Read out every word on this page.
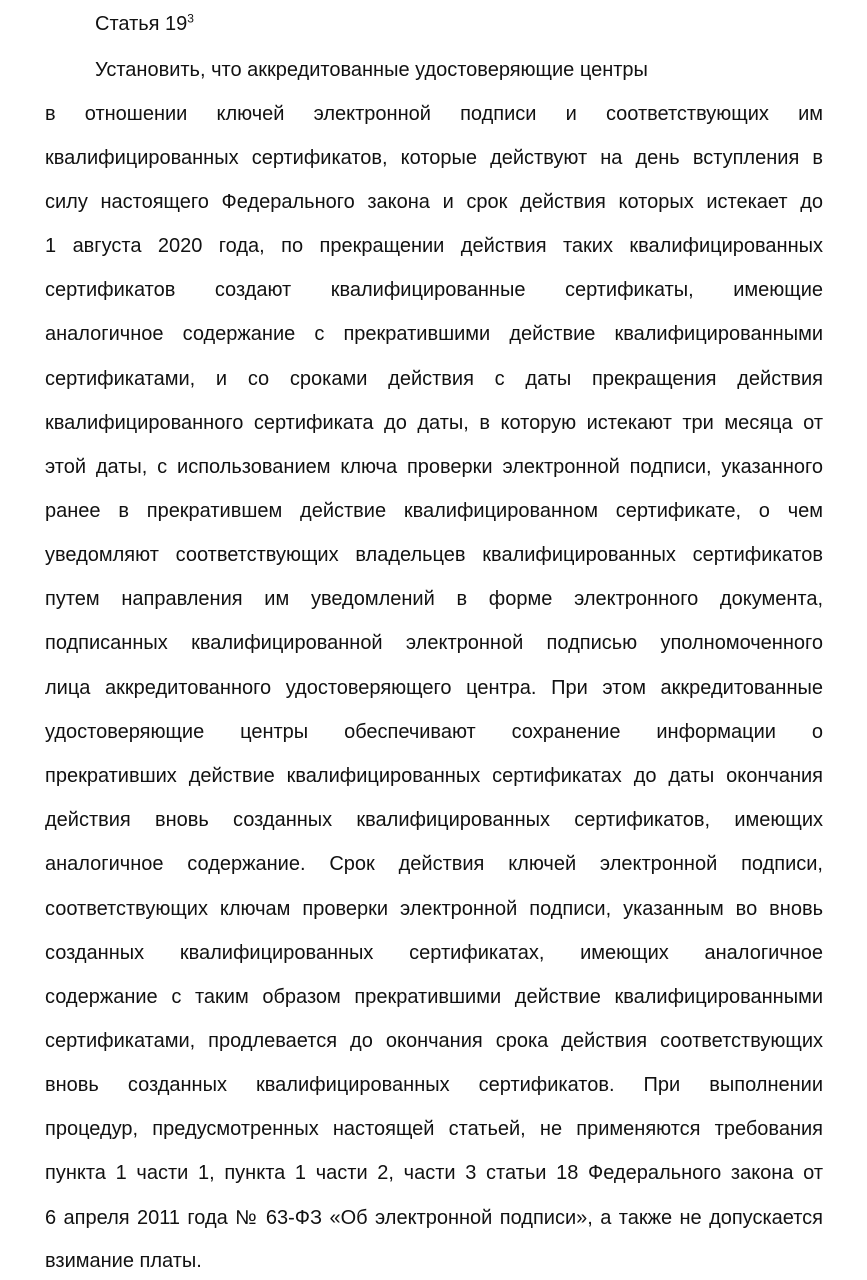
Статья $19^3$
Установить, что аккредитованные удостоверяющие центры
в отношении ключей электронной подписи и соответствующих им
квалифицированных сертификатов, которые действуют на день вступления в
силу настоящего Федерального закона и срок действия которых истекает до
1 августа 2020 года, по прекращении действия таких квалифицированных
сертификатов создают квалифицированные сертификаты, имеющие
аналогичное содержание с прекратившими действие квалифицированными
сертификатами, и со сроками действия с даты прекращения действия
квалифицированного сертификата до даты, в которую истекают три месяца от
этой даты, с использованием ключа проверки электронной подписи, указанного
ранее в прекратившем действие квалифицированном сертификате, о чем
уведомляют соответствующих владельцев квалифицированных сертификатов
путем направления им уведомлений в форме электронного документа,
подписанных квалифицированной электронной подписью уполномоченного
лица аккредитованного удостоверяющего центра. При этом аккредитованные
удостоверяющие центры обеспечивают сохранение информации о
прекративших действие квалифицированных сертификатах до даты окончания
действия вновь созданных квалифицированных сертификатов, имеющих
аналогичное содержание. Срок действия ключей электронной подписи,
соответствующих ключам проверки электронной подписи, указанным во вновь
созданных квалифицированных сертификатах, имеющих аналогичное
содержание с таким образом прекратившими действие квалифицированными
сертификатами, продлевается до окончания срока действия соответствующих
вновь созданных квалифицированных сертификатов. При выполнении
процедур, предусмотренных настоящей статьей, не применяются требования
пункта 1 части 1, пункта 1 части 2, части 3 статьи 18 Федерального закона от
6 апреля 2011 года № 63-ФЗ «Об электронной подписи», а также не допускается
взимание платы.
